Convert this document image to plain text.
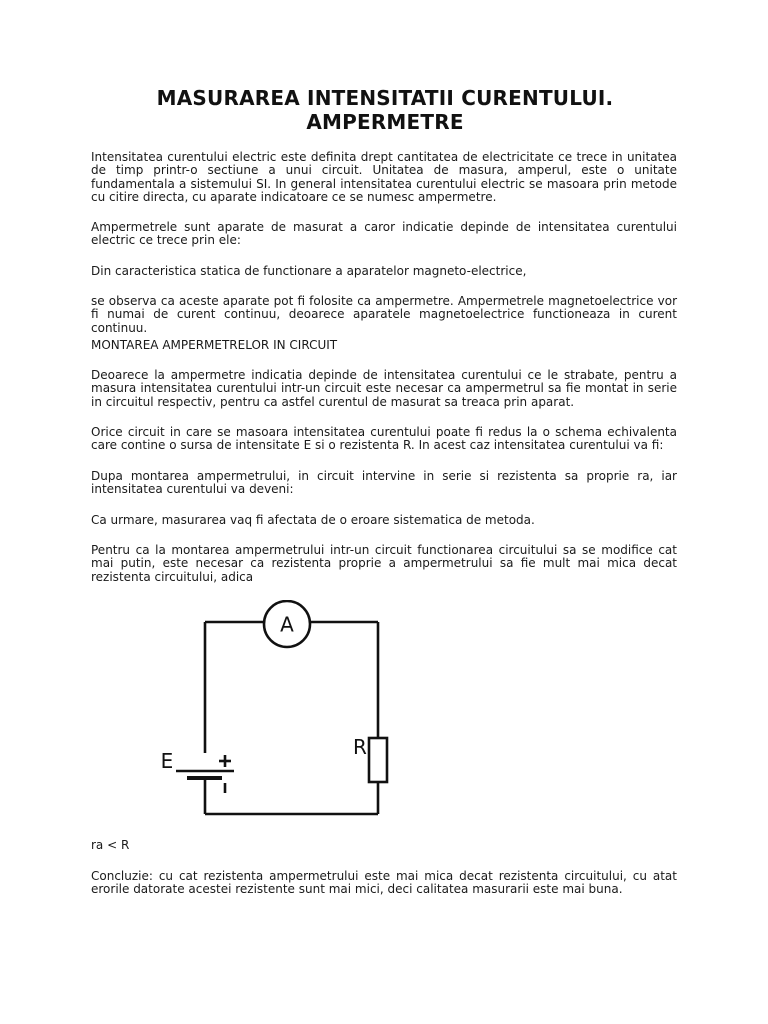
MASURAREA INTENSITATII CURENTULUI.
AMPERMETRE

Intensitatea curentului electric este definita drept cantitatea de electricitate ce trece in unitatea de timp printr-o sectiune a unui circuit. Unitatea de masura, amperul, este o unitate fundamentala a sistemului SI. In general intensitatea curentului electric se masoara prin metode cu citire directa, cu aparate indicatoare ce se numesc ampermetre.

Ampermetrele sunt aparate de masurat a caror indicatie depinde de intensitatea curentului electric ce trece prin ele:

Din caracteristica statica de functionare a aparatelor magneto-electrice,

se observa ca aceste aparate pot fi folosite ca ampermetre. Ampermetrele magnetoelectrice vor fi numai de curent continuu, deoarece aparatele magnetoelectrice functioneaza in curent continuu.

MONTAREA AMPERMETRELOR IN CIRCUIT

Deoarece la ampermetre indicatia depinde de intensitatea curentului ce le strabate, pentru a masura intensitatea curentului intr-un circuit este necesar ca ampermetrul sa fie montat in serie in circuitul respectiv, pentru ca astfel curentul de masurat sa treaca prin aparat.

Orice circuit in care se masoara intensitatea curentului poate fi redus la o schema echivalenta care contine o sursa de intensitate E si o rezistenta R. In acest caz intensitatea curentului va fi:

Dupa montarea ampermetrului, in circuit intervine in serie si rezistenta sa proprie ra, iar intensitatea curentului va deveni:

Ca urmare, masurarea vaq fi afectata de o eroare sistematica de metoda.

Pentru ca la montarea ampermetrului intr-un circuit functionarea circuitului sa se modifice cat mai putin, este necesar ca rezistenta proprie a ampermetrului sa fie mult mai mica decat rezistenta circuitului, adica

A
R
E

ra < R

Concluzie: cu cat rezistenta ampermetrului este mai mica decat rezistenta circuitului, cu atat erorile datorate acestei rezistente sunt mai mici, deci calitatea masurarii este mai buna.
